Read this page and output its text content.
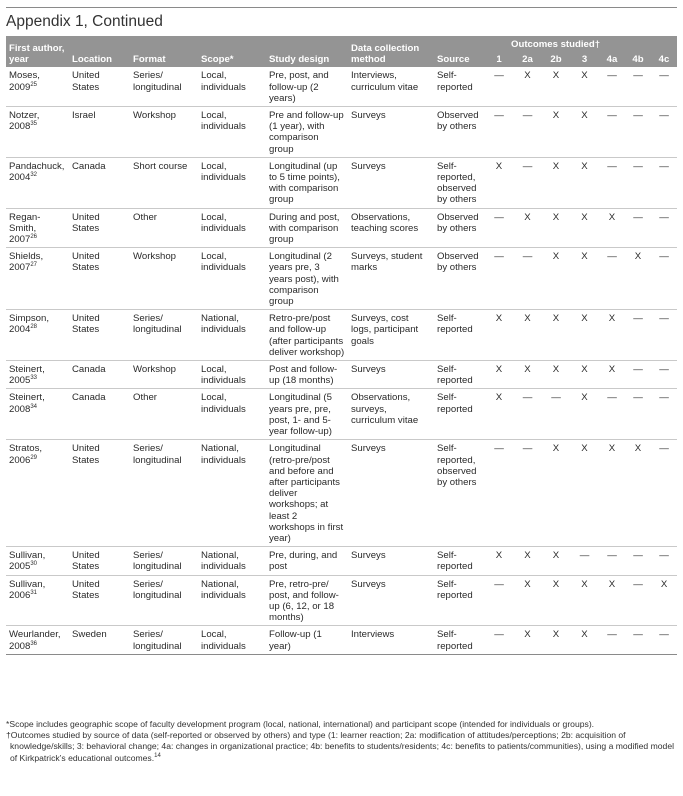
Appendix 1, Continued
First author, year	Location	Format	Scope*	Study design	Data collection method	Outcomes studied†							
						Source	1	2a	2b	3	4a	4b	4c
Moses, 2009$^{25}$	United States	Series/ longitudinal	Local, individuals	Pre, post, and follow-up (2 years)	Interviews, curriculum vitae	Self-reported	—	X	X	X	—	—	—
Notzer, 2008$^{35}$	Israel	Workshop	Local, individuals	Pre and follow-up (1 year), with comparison group	Surveys	Observed by others	—	—	X	X	—	—	—
Pandachuck, 2004$^{32}$	Canada	Short course	Local, individuals	Longitudinal (up to 5 time points), with comparison group	Surveys	Self-reported, observed by others	X	—	X	X	—	—	—
Regan-Smith, 2007$^{26}$	United States	Other	Local, individuals	During and post, with comparison group	Observations, teaching scores	Observed by others	—	X	X	X	X	—	—
Shields, 2007$^{27}$	United States	Workshop	Local, individuals	Longitudinal (2 years pre, 3 years post), with comparison group	Surveys, student marks	Observed by others	—	—	X	X	—	X	—
Simpson, 2004$^{28}$	United States	Series/ longitudinal	National, individuals	Retro-pre/post and follow-up (after participants deliver workshop)	Surveys, cost logs, participant goals	Self-reported	X	X	X	X	X	—	—
Steinert, 2005$^{33}$	Canada	Workshop	Local, individuals	Post and follow-up (18 months)	Surveys	Self-reported	X	X	X	X	X	—	—
Steinert, 2008$^{34}$	Canada	Other	Local, individuals	Longitudinal (5 years pre, pre, post, 1- and 5-year follow-up)	Observations, surveys, curriculum vitae	Self-reported	X	—	—	X	—	—	—
Stratos, 2006$^{29}$	United States	Series/ longitudinal	National, individuals	Longitudinal (retro-pre/post and before and after participants deliver workshops; at least 2 workshops in first year)	Surveys	Self-reported, observed by others	—	—	X	X	X	X	—
Sullivan, 2005$^{30}$	United States	Series/ longitudinal	National, individuals	Pre, during, and post	Surveys	Self-reported	X	X	X	—	—	—	—
Sullivan, 2006$^{31}$	United States	Series/ longitudinal	National, individuals	Pre, retro-pre/ post, and follow-up (6, 12, or 18 months)	Surveys	Self-reported	—	X	X	X	X	—	X
Weurlander, 2008$^{36}$	Sweden	Series/ longitudinal	Local, individuals	Follow-up (1 year)	Interviews	Self-reported	—	X	X	X	—	—	—

*Scope includes geographic scope of faculty development program (local, national, international) and participant scope (intended for individuals or groups).

†Outcomes studied by source of data (self-reported or observed by others) and type (1: learner reaction; 2a: modification of attitudes/perceptions; 2b: acquisition of knowledge/skills; 3: behavioral change; 4a: changes in organizational practice; 4b: benefits to students/residents; 4c: benefits to patients/communities), using a modified model of Kirkpatrick’s educational outcomes.$^{14}$
